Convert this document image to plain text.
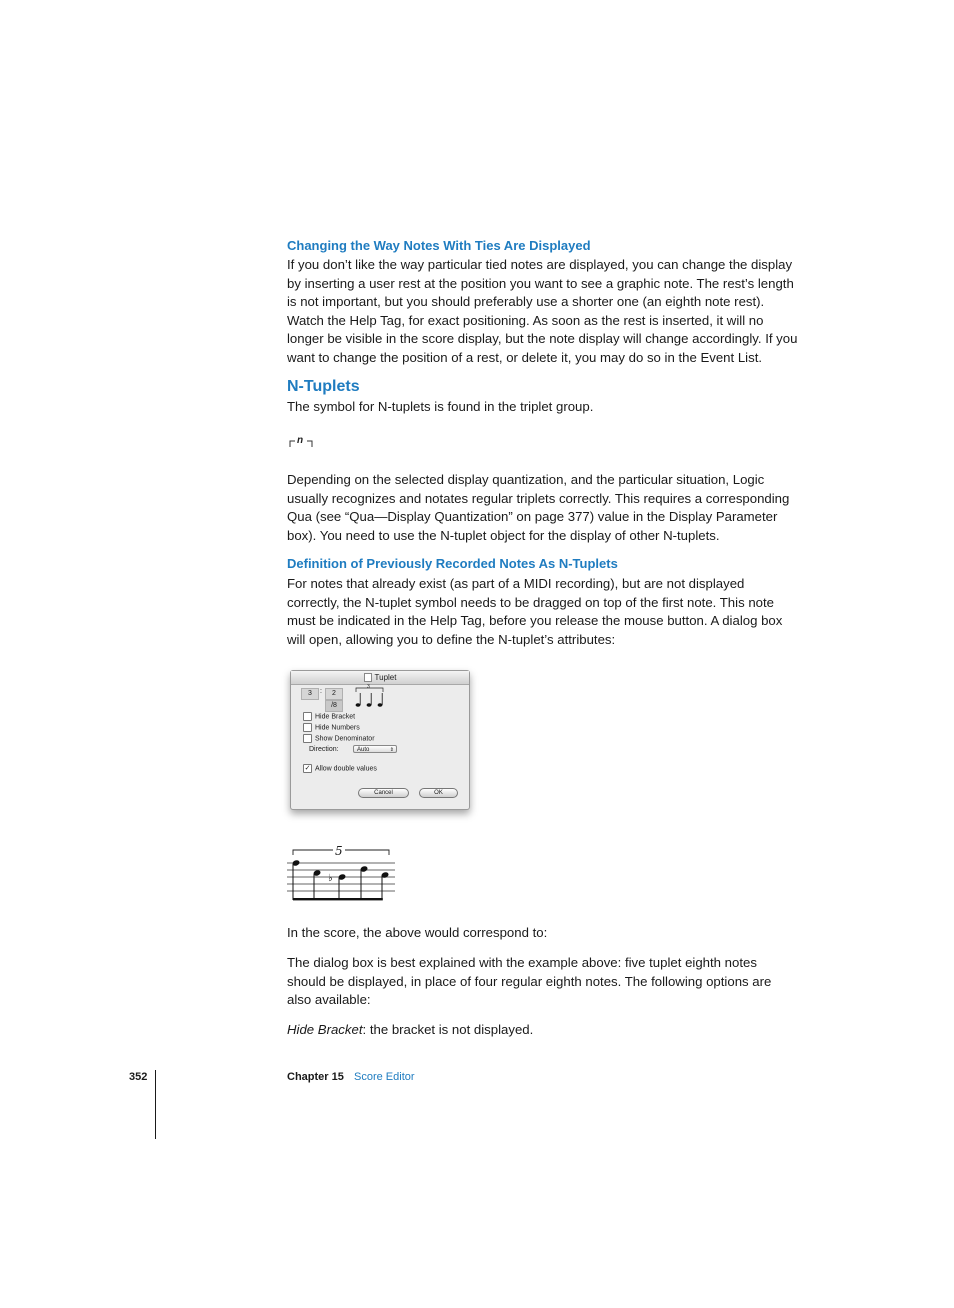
Changing the Way Notes With Ties Are Displayed

If you don’t like the way particular tied notes are displayed, you can change the display by inserting a user rest at the position you want to see a graphic note. The rest’s length is not important, but you should preferably use a shorter one (an eighth note rest). Watch the Help Tag, for exact positioning. As soon as the rest is inserted, it will no longer be visible in the score display, but the note display will change accordingly. If you want to change the position of a rest, or delete it, you may do so in the Event List.

N-Tuplets

The symbol for N-tuplets is found in the triplet group.

n

Depending on the selected display quantization, and the particular situation, Logic usually recognizes and notates regular triplets correctly. This requires a corresponding Qua (see “Qua—Display Quantization” on page 377) value in the Display Parameter box). You need to use the N-tuplet object for the display of other N-tuplets.

Definition of Previously Recorded Notes As N-Tuplets

For notes that already exist (as part of a MIDI recording), but are not displayed correctly, the N-tuplet symbol needs to be dragged on top of the first note. This note must be indicated in the Help Tag, before you release the mouse button. A dialog box will open, allowing you to define the N-tuplet’s attributes:

Tuplet
3	:	2
/8
3
Hide Bracket
Hide Numbers
Show Denominator
Direction:	Auto	⇕
✓ Allow double values
Cancel	OK
♭
5

In the score, the above would correspond to:

The dialog box is best explained with the example above: five tuplet eighth notes should be displayed, in place of four regular eighth notes. The following options are also available:

Hide Bracket: the bracket is not displayed.

352	Chapter 15 Score Editor
